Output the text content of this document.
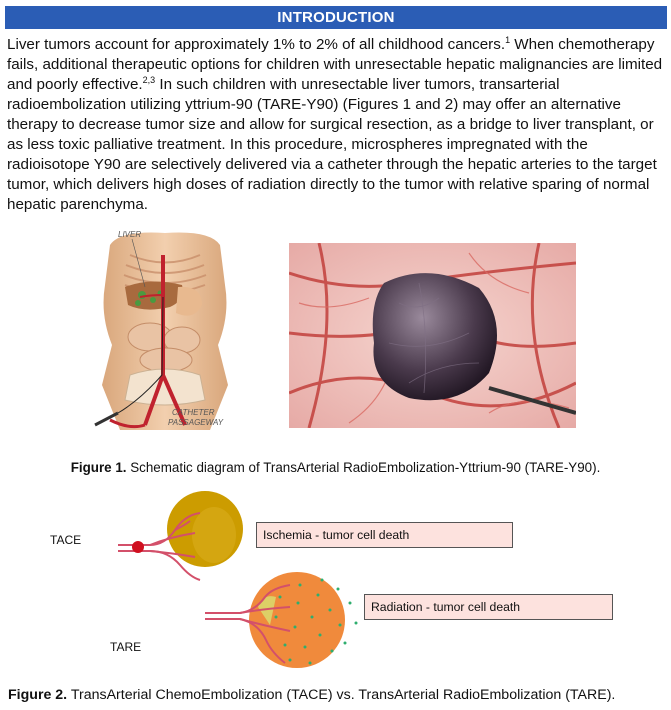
INTRODUCTION

Liver tumors account for approximately 1% to 2% of all childhood cancers.$^1$ When chemotherapy fails, additional therapeutic options for children with unresectable hepatic malignancies are limited and poorly effective.$^{2,3}$ In such children with unresectable liver tumors, transarterial radioembolization utilizing yttrium-90 (TARE-Y90) (Figures 1 and 2) may offer an alternative therapy to decrease tumor size and allow for surgical resection, as a bridge to liver transplant, or as less toxic palliative treatment. In this procedure, microspheres impregnated with the radioisotope Y90 are selectively delivered via a catheter through the hepatic arteries to the target tumor, which delivers high doses of radiation directly to the tumor with relative sparing of normal hepatic parenchyma.

LIVER
CATHETER
PASSAGEWAY
Figure 1. Schematic diagram of TransArterial RadioEmbolization-Yttrium-90 (TARE-Y90).
TACE
TARE
Ischemia - tumor cell death
Radiation - tumor cell death
Figure 2. TransArterial ChemoEmbolization (TACE) vs. TransArterial RadioEmbolization (TARE).
